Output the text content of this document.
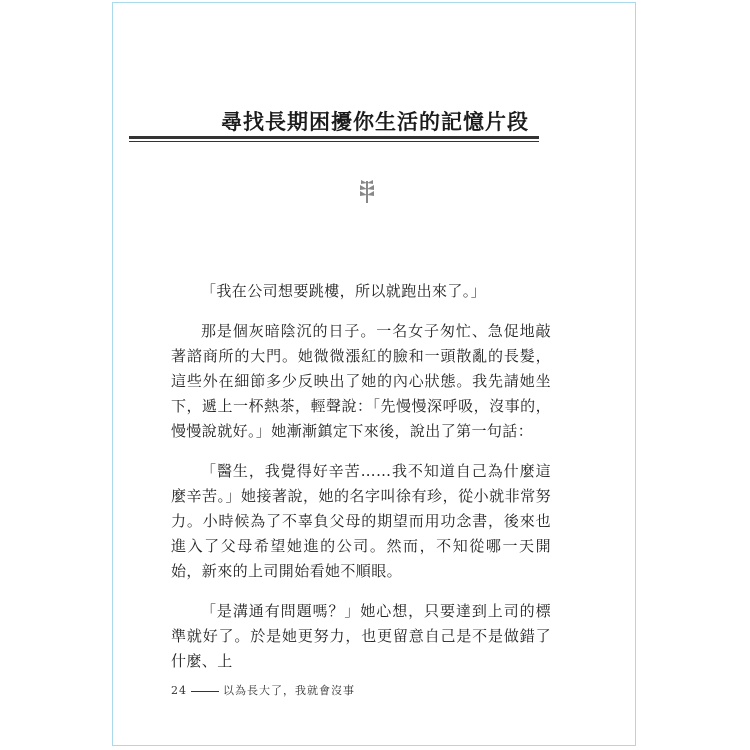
尋找長期困擾你生活的記憶片段

「我在公司想要跳樓，所以就跑出來了。」

那是個灰暗陰沉的日子。一名女子匆忙、急促地敲著諮商所的大門。她微微漲紅的臉和一頭散亂的長髮，這些外在細節多少反映出了她的內心狀態。我先請她坐下，遞上一杯熱茶，輕聲說：「先慢慢深呼吸，沒事的，慢慢說就好。」她漸漸鎮定下來後，說出了第一句話：

「醫生，我覺得好辛苦……我不知道自己為什麼這麼辛苦。」她接著說，她的名字叫徐有珍，從小就非常努力。小時候為了不辜負父母的期望而用功念書，後來也進入了父母希望她進的公司。然而，不知從哪一天開始，新來的上司開始看她不順眼。

「是溝通有問題嗎？」她心想，只要達到上司的標準就好了。於是她更努力，也更留意自己是不是做錯了什麼、上

24	以為長大了，我就會沒事
